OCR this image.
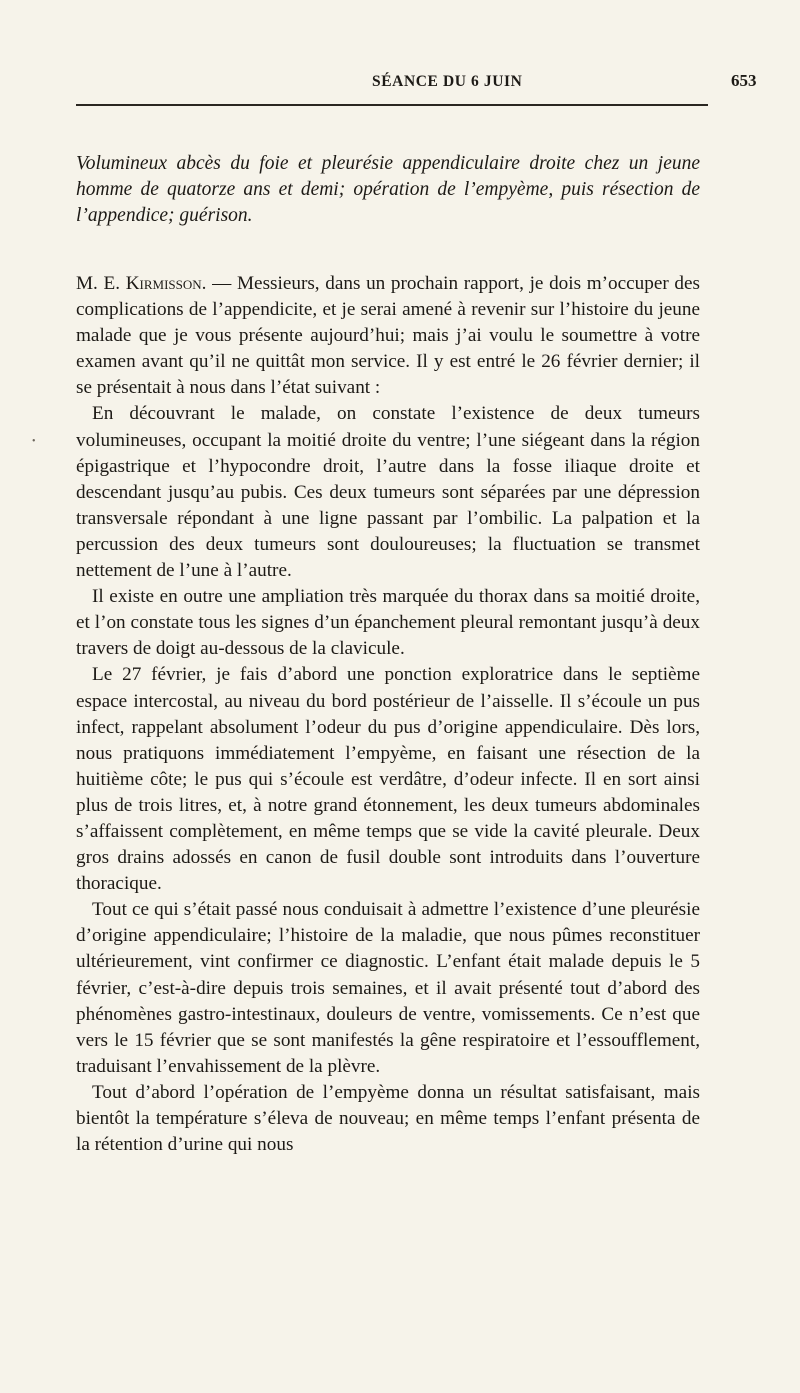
SÉANCE DU 6 JUIN	653
Volumineux abcès du foie et pleurésie appendiculaire droite chez un jeune homme de quatorze ans et demi; opération de l’empyème, puis résection de l’appendice; guérison.

M. E. Kirmisson. — Messieurs, dans un prochain rapport, je dois m’occuper des complications de l’appendicite, et je serai amené à revenir sur l’histoire du jeune malade que je vous présente aujourd’hui; mais j’ai voulu le soumettre à votre examen avant qu’il ne quittât mon service. Il y est entré le 26 février dernier; il se présentait à nous dans l’état suivant :

En découvrant le malade, on constate l’existence de deux tumeurs volumineuses, occupant la moitié droite du ventre; l’une siégeant dans la région épigastrique et l’hypocondre droit, l’autre dans la fosse iliaque droite et descendant jusqu’au pubis. Ces deux tumeurs sont séparées par une dépression transversale répondant à une ligne passant par l’ombilic. La palpation et la percussion des deux tumeurs sont douloureuses; la fluctuation se transmet nettement de l’une à l’autre.

Il existe en outre une ampliation très marquée du thorax dans sa moitié droite, et l’on constate tous les signes d’un épanchement pleural remontant jusqu’à deux travers de doigt au-dessous de la clavicule.

Le 27 février, je fais d’abord une ponction exploratrice dans le septième espace intercostal, au niveau du bord postérieur de l’aisselle. Il s’écoule un pus infect, rappelant absolument l’odeur du pus d’origine appendiculaire. Dès lors, nous pratiquons immédiatement l’empyème, en faisant une résection de la huitième côte; le pus qui s’écoule est verdâtre, d’odeur infecte. Il en sort ainsi plus de trois litres, et, à notre grand étonnement, les deux tumeurs abdominales s’affaissent complètement, en même temps que se vide la cavité pleurale. Deux gros drains adossés en canon de fusil double sont introduits dans l’ouverture thoracique.

Tout ce qui s’était passé nous conduisait à admettre l’existence d’une pleurésie d’origine appendiculaire; l’histoire de la maladie, que nous pûmes reconstituer ultérieurement, vint confirmer ce diagnostic. L’enfant était malade depuis le 5 février, c’est-à-dire depuis trois semaines, et il avait présenté tout d’abord des phénomènes gastro-intestinaux, douleurs de ventre, vomissements. Ce n’est que vers le 15 février que se sont manifestés la gêne respiratoire et l’essoufflement, traduisant l’envahissement de la plèvre.

Tout d’abord l’opération de l’empyème donna un résultat satisfaisant, mais bientôt la température s’éleva de nouveau; en même temps l’enfant présenta de la rétention d’urine qui nous

•
